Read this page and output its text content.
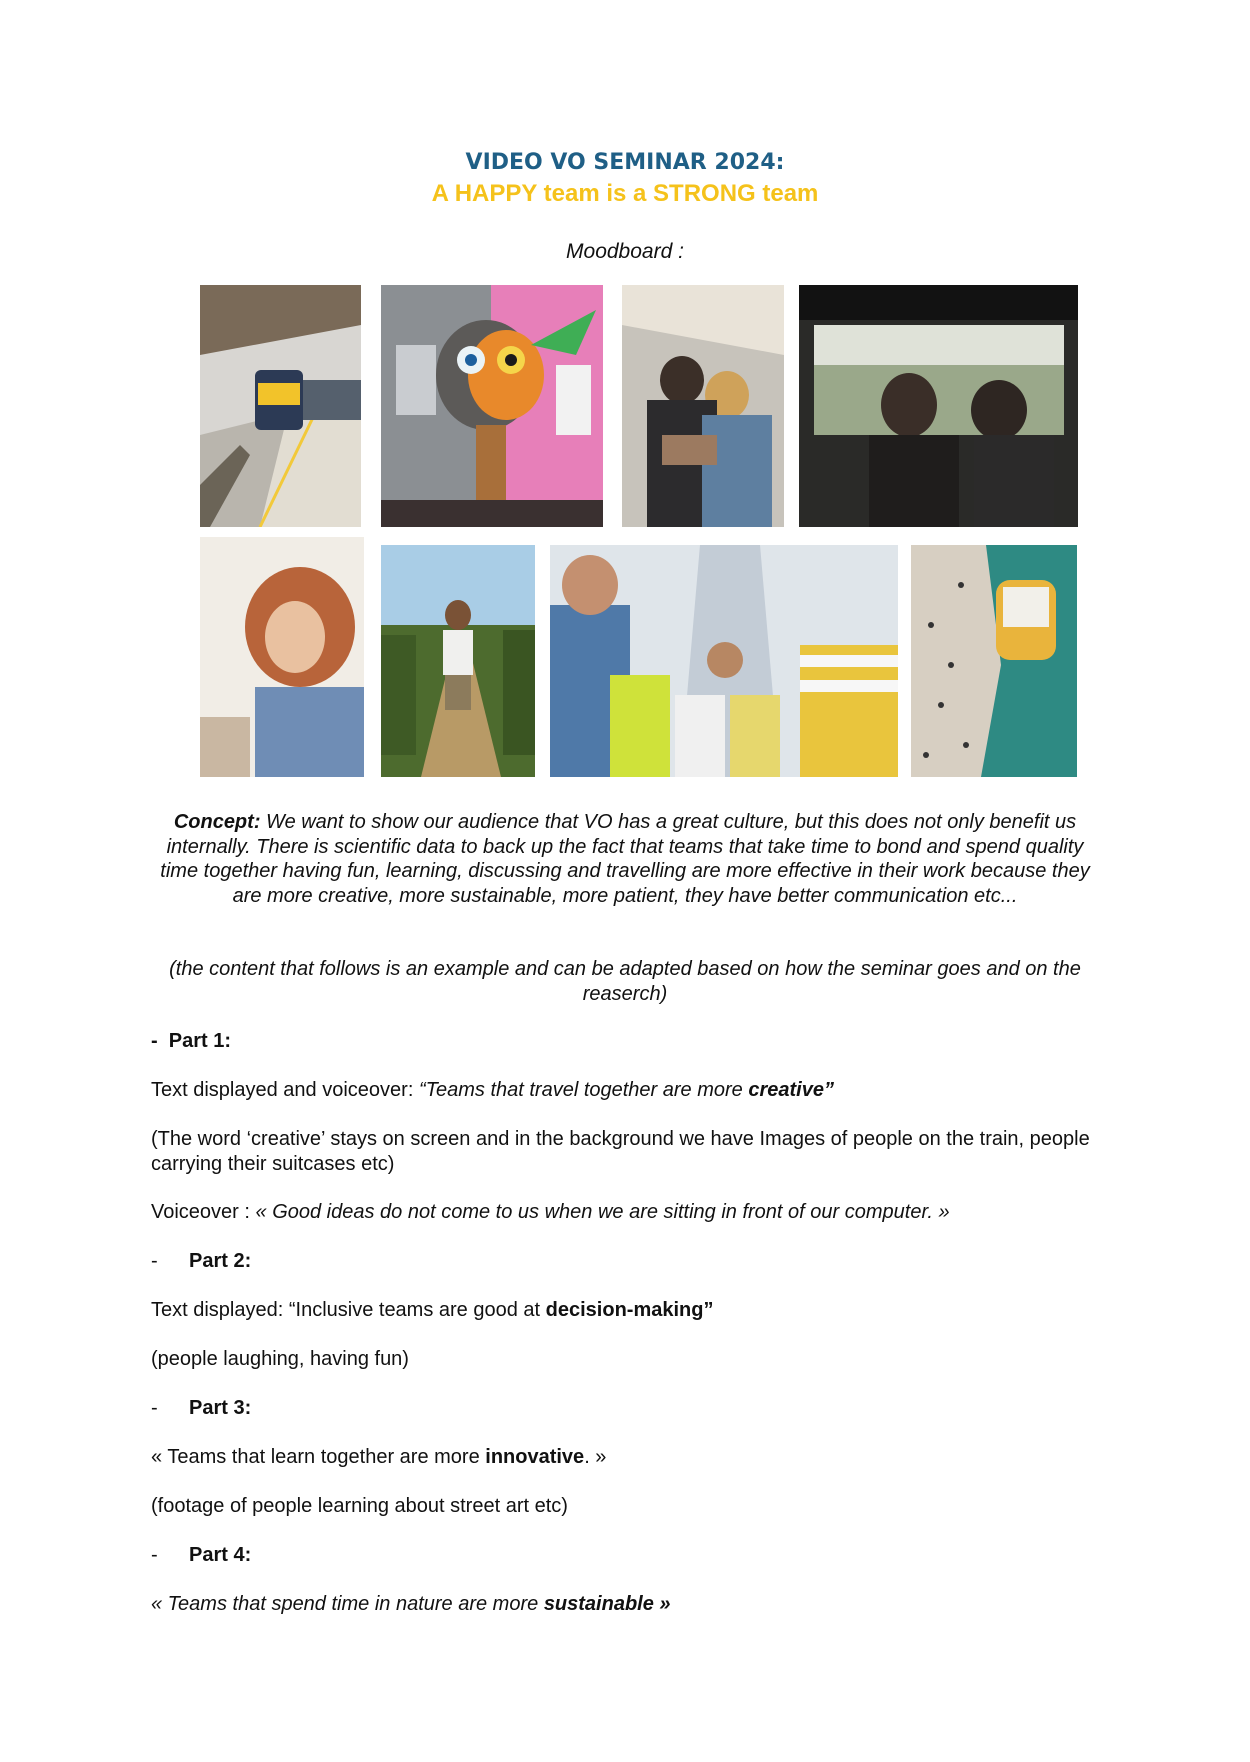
VIDEO VO SEMINAR 2024:
A HAPPY team is a STRONG team
Moodboard :
Concept: We want to show our audience that VO has a great culture, but this does not only benefit us internally. There is scientific data to back up the fact that teams that take time to bond and spend quality time together having fun, learning, discussing and travelling are more effective in their work because they are more creative, more sustainable, more patient, they have better communication etc...
(the content that follows is an example and can be adapted based on how the seminar goes and on the reaserch)
- Part 1:
Text displayed and voiceover: “Teams that travel together are more creative”
(The word ‘creative’ stays on screen and in the background we have Images of people on the train, people carrying their suitcases etc)
Voiceover : « Good ideas do not come to us when we are sitting in front of our computer. »
- Part 2:
Text displayed: “Inclusive teams are good at decision-making”
(people laughing, having fun)
- Part 3:
« Teams that learn together are more innovative. »
(footage of people learning about street art etc)
- Part 4:
« Teams that spend time in nature are more sustainable »
